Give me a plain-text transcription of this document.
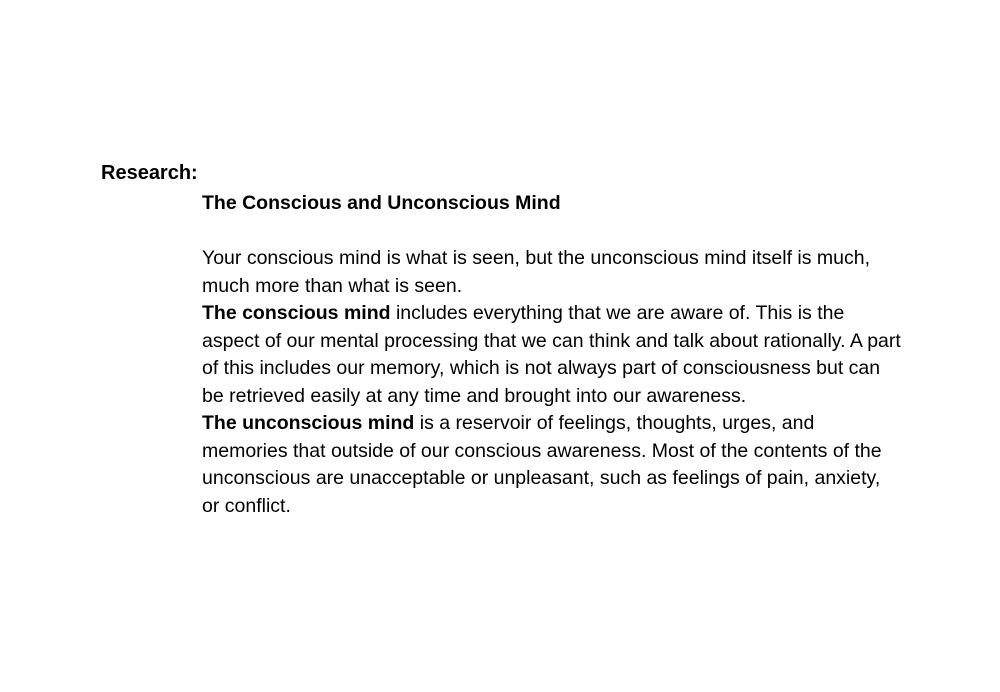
Research:
The Conscious and Unconscious Mind

Your conscious mind is what is seen, but the unconscious mind itself is much, much more than what is seen.

The conscious mind includes everything that we are aware of. This is the aspect of our mental processing that we can think and talk about rationally. A part of this includes our memory, which is not always part of consciousness but can be retrieved easily at any time and brought into our awareness.

The unconscious mind is a reservoir of feelings, thoughts, urges, and memories that outside of our conscious awareness. Most of the contents of the unconscious are unacceptable or unpleasant, such as feelings of pain, anxiety, or conflict.
